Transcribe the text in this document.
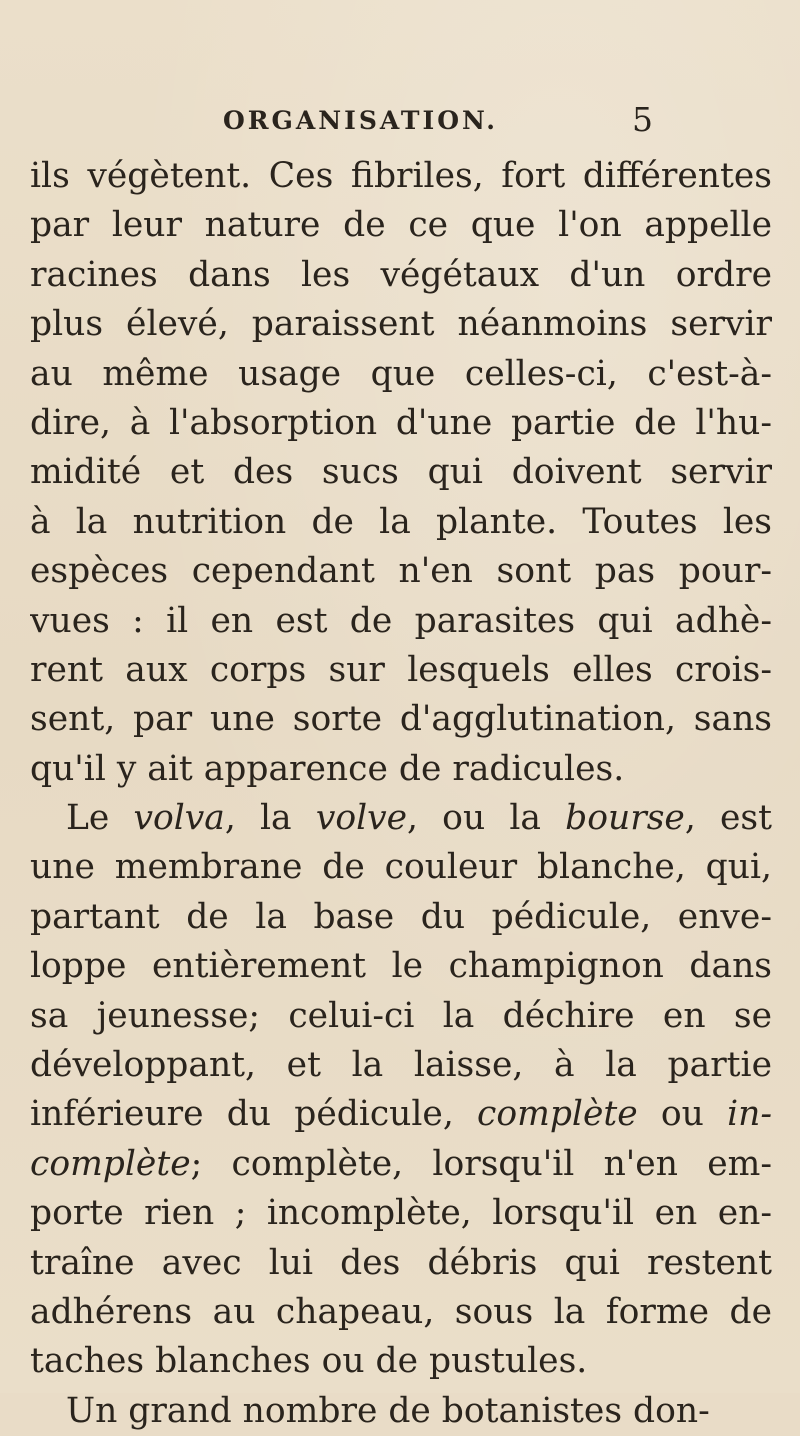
ORGANISATION.	5
ils végètent. Ces fibriles, fort différentes
par leur nature de ce que l'on appelle
racines dans les végétaux d'un ordre
plus élevé, paraissent néanmoins servir
au même usage que celles-ci, c'est-à-
dire, à l'absorption d'une partie de l'hu-
midité et des sucs qui doivent servir
à la nutrition de la plante. Toutes les
espèces cependant n'en sont pas pour-
vues : il en est de parasites qui adhè-
rent aux corps sur lesquels elles crois-
sent, par une sorte d'agglutination, sans
qu'il y ait apparence de radicules.
Le volva, la volve, ou la bourse, est
une membrane de couleur blanche, qui,
partant de la base du pédicule, enve-
loppe entièrement le champignon dans
sa jeunesse; celui-ci la déchire en se
développant, et la laisse, à la partie
inférieure du pédicule, complète ou in-
complète; complète, lorsqu'il n'en em-
porte rien ; incomplète, lorsqu'il en en-
traîne avec lui des débris qui restent
adhérens au chapeau, sous la forme de
taches blanches ou de pustules.
Un grand nombre de botanistes don-
